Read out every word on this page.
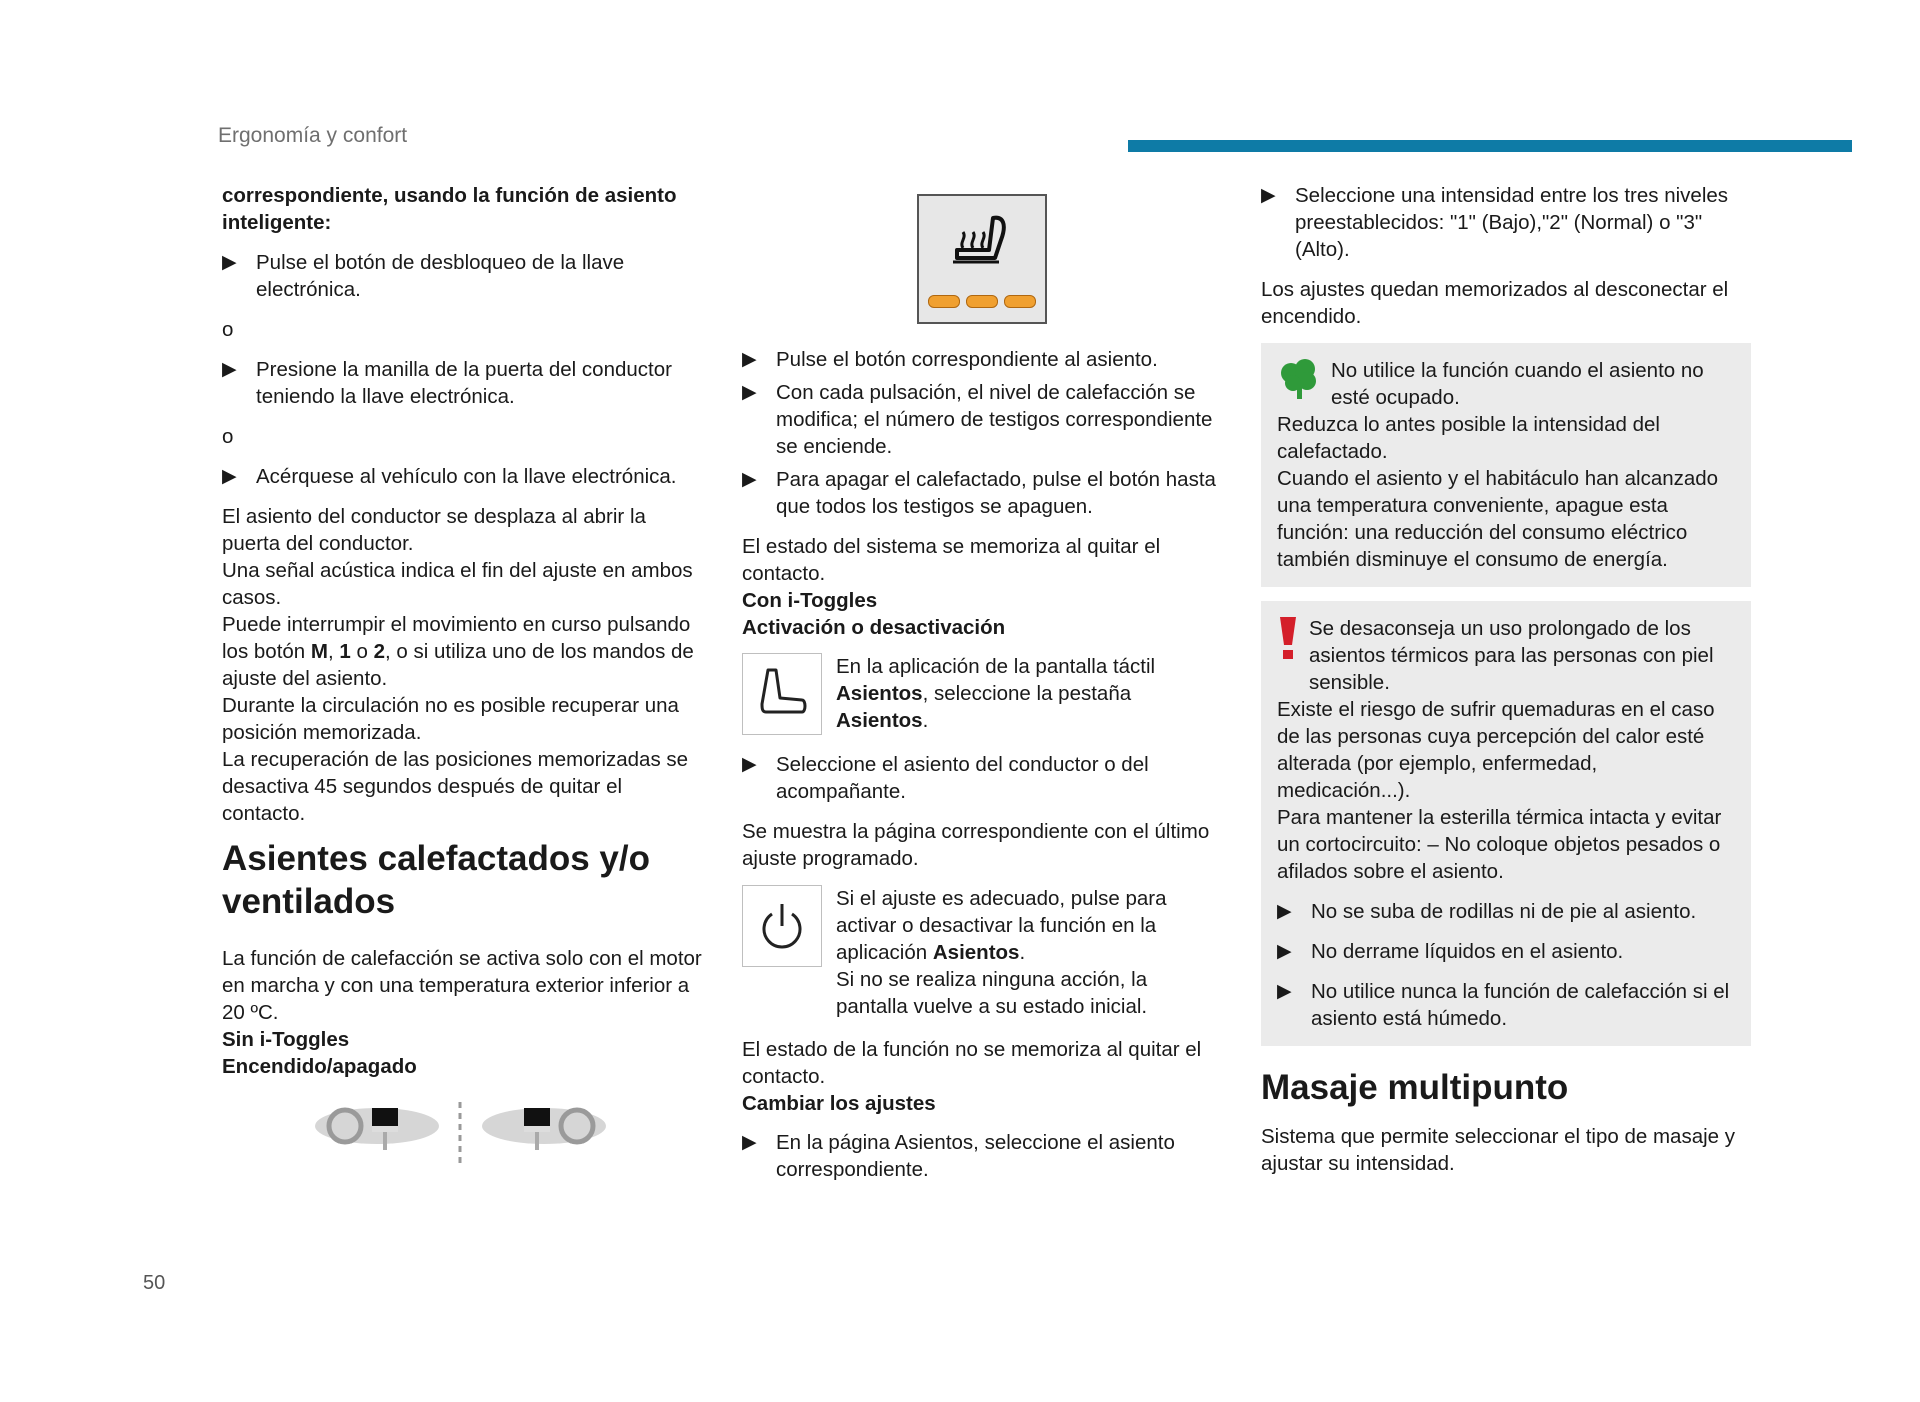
Ergonomía y confort

correspondiente, usando la función de asiento inteligente:

▶ Pulse el botón de desbloqueo de la llave electrónica.
o
▶ Presione la manilla de la puerta del conductor teniendo la llave electrónica.
o
▶ Acérquese al vehículo con la llave electrónica.
El asiento del conductor se desplaza al abrir la puerta del conductor.
Una señal acústica indica el fin del ajuste en ambos casos.
Puede interrumpir el movimiento en curso pulsando los botón M, 1 o 2, o si utiliza uno de los mandos de ajuste del asiento.
Durante la circulación no es posible recuperar una posición memorizada.
La recuperación de las posiciones memorizadas se desactiva 45 segundos después de quitar el contacto.
Asientes calefactados y/o ventilados
La función de calefacción se activa solo con el motor en marcha y con una temperatura exterior inferior a 20 ºC.
Sin i-Toggles
Encendido/apagado
▶ Pulse el botón correspondiente al asiento.
▶ Con cada pulsación, el nivel de calefacción se modifica; el número de testigos correspondiente se enciende.
▶ Para apagar el calefactado, pulse el botón hasta que todos los testigos se apaguen.
El estado del sistema se memoriza al quitar el contacto.
Con i-Toggles
Activación o desactivación
En la aplicación de la pantalla táctil Asientos, seleccione la pestaña Asientos.
▶ Seleccione el asiento del conductor o del acompañante.

Se muestra la página correspondiente con el último ajuste programado.

Si el ajuste es adecuado, pulse para activar o desactivar la función en la aplicación Asientos.
Si no se realiza ninguna acción, la pantalla vuelve a su estado inicial.
El estado de la función no se memoriza al quitar el contacto.
Cambiar los ajustes
▶ En la página Asientos, seleccione el asiento correspondiente.
▶ Seleccione una intensidad entre los tres niveles preestablecidos: "1" (Bajo),"2" (Normal) o "3" (Alto).

Los ajustes quedan memorizados al desconectar el encendido.

No utilice la función cuando el asiento no esté ocupado.
Reduzca lo antes posible la intensidad del calefactado.
Cuando el asiento y el habitáculo han alcanzado una temperatura conveniente, apague esta función: una reducción del consumo eléctrico también disminuye el consumo de energía.
Se desaconseja un uso prolongado de los asientos térmicos para las personas con piel sensible.
Existe el riesgo de sufrir quemaduras en el caso de las personas cuya percepción del calor esté alterada (por ejemplo, enfermedad, medicación...).
Para mantener la esterilla térmica intacta y evitar un cortocircuito: – No coloque objetos pesados o afilados sobre el asiento.
▶ No se suba de rodillas ni de pie al asiento.
▶ No derrame líquidos en el asiento.
▶ No utilice nunca la función de calefacción si el asiento está húmedo.
Masaje multipunto
Sistema que permite seleccionar el tipo de masaje y ajustar su intensidad.
50
